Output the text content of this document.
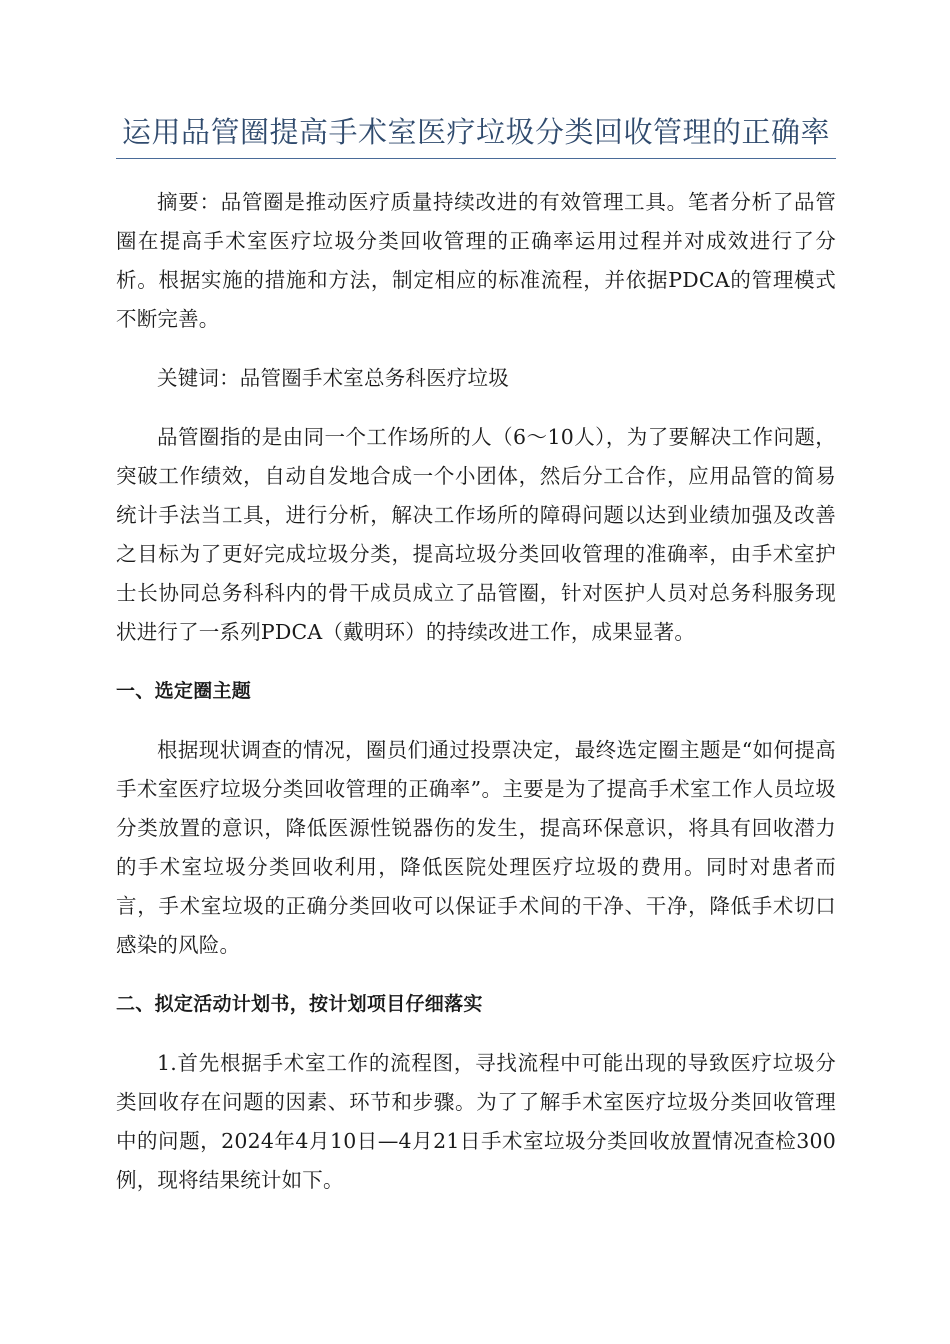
运用品管圈提高手术室医疗垃圾分类回收管理的正确率

摘要：品管圈是推动医疗质量持续改进的有效管理工具。笔者分析了品管圈在提高手术室医疗垃圾分类回收管理的正确率运用过程并对成效进行了分析。根据实施的措施和方法，制定相应的标准流程，并依据PDCA的管理模式不断完善。

关键词：品管圈手术室总务科医疗垃圾

品管圈指的是由同一个工作场所的人（6～10人），为了要解决工作问题，突破工作绩效，自动自发地合成一个小团体，然后分工合作，应用品管的简易统计手法当工具，进行分析，解决工作场所的障碍问题以达到业绩加强及改善之目标为了更好完成垃圾分类，提高垃圾分类回收管理的准确率，由手术室护士长协同总务科科内的骨干成员成立了品管圈，针对医护人员对总务科服务现状进行了一系列PDCA（戴明环）的持续改进工作，成果显著。

一、选定圈主题

根据现状调查的情况，圈员们通过投票决定，最终选定圈主题是“如何提高手术室医疗垃圾分类回收管理的正确率”。主要是为了提高手术室工作人员垃圾分类放置的意识，降低医源性锐器伤的发生，提高环保意识，将具有回收潜力的手术室垃圾分类回收利用，降低医院处理医疗垃圾的费用。同时对患者而言，手术室垃圾的正确分类回收可以保证手术间的干净、干净，降低手术切口感染的风险。

二、拟定活动计划书，按计划项目仔细落实

1.首先根据手术室工作的流程图，寻找流程中可能出现的导致医疗垃圾分类回收存在问题的因素、环节和步骤。为了了解手术室医疗垃圾分类回收管理中的问题，2024年4月10日—4月21日手术室垃圾分类回收放置情况查检300例，现将结果统计如下。
